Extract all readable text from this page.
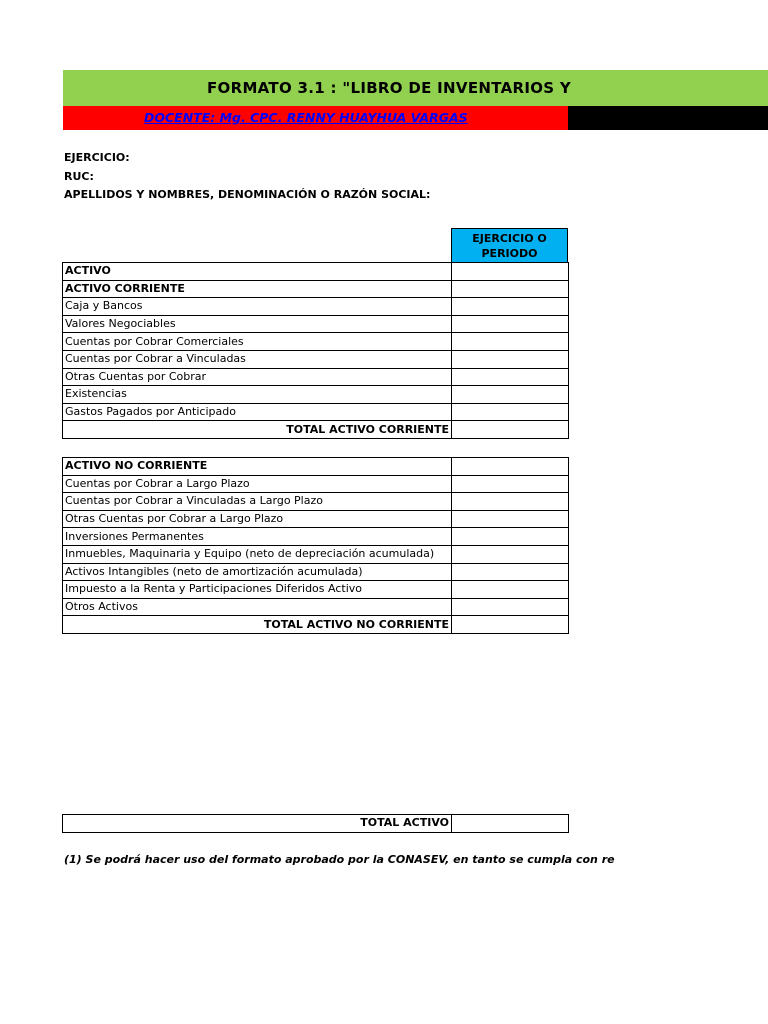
FORMATO 3.1 : "LIBRO DE INVENTARIOS Y
DOCENTE: Mg. CPC. RENNY HUAYHUA VARGAS
EJERCICIO:
RUC:
APELLIDOS Y NOMBRES, DENOMINACIÓN O RAZÓN SOCIAL:
EJERCICIO O PERIODO
ACTIVO	
ACTIVO CORRIENTE	
Caja y Bancos	
Valores Negociables	
Cuentas por Cobrar Comerciales	
Cuentas por Cobrar a Vinculadas	
Otras Cuentas por Cobrar	
Existencias	
Gastos Pagados por Anticipado	
TOTAL ACTIVO CORRIENTE	
ACTIVO NO CORRIENTE	
Cuentas por Cobrar a Largo Plazo	
Cuentas por Cobrar a Vinculadas a Largo Plazo	
Otras Cuentas por Cobrar a Largo Plazo	
Inversiones Permanentes	
Inmuebles, Maquinaria y Equipo (neto de depreciación acumulada)	
Activos Intangibles (neto de amortización acumulada)	
Impuesto a la Renta y Participaciones Diferidos Activo	
Otros Activos	
TOTAL ACTIVO NO CORRIENTE	
TOTAL ACTIVO	
(1) Se podrá hacer uso del formato aprobado por la CONASEV, en tanto se cumpla con re
